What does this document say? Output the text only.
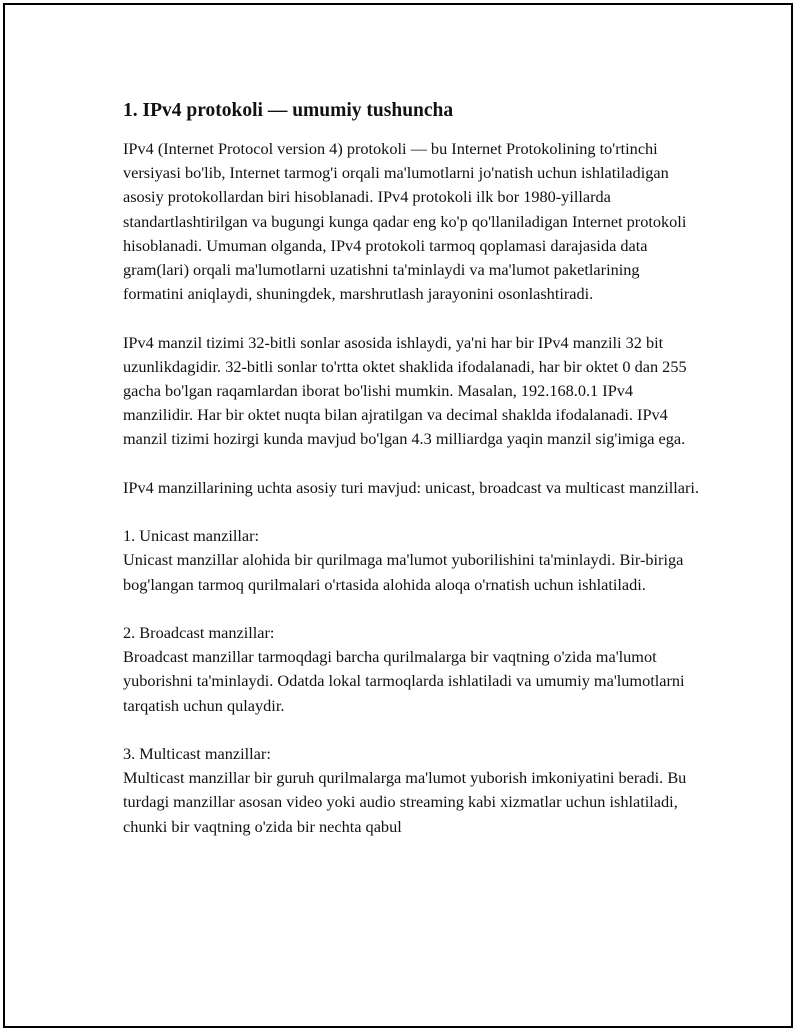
1. IPv4 protokoli — umumiy tushuncha

IPv4 (Internet Protocol version 4) protokoli — bu Internet Protokolining to'rtinchi versiyasi bo'lib, Internet tarmog'i orqali ma'lumotlarni jo'natish uchun ishlatiladigan asosiy protokollardan biri hisoblanadi. IPv4 protokoli ilk bor 1980-yillarda standartlashtirilgan va bugungi kunga qadar eng ko'p qo'llaniladigan Internet protokoli hisoblanadi. Umuman olganda, IPv4 protokoli tarmoq qoplamasi darajasida data gram(lari) orqali ma'lumotlarni uzatishni ta'minlaydi va ma'lumot paketlarining formatini aniqlaydi, shuningdek, marshrutlash jarayonini osonlashtiradi.

IPv4 manzil tizimi 32-bitli sonlar asosida ishlaydi, ya'ni har bir IPv4 manzili 32 bit uzunlikdagidir. 32-bitli sonlar to'rtta oktet shaklida ifodalanadi, har bir oktet 0 dan 255 gacha bo'lgan raqamlardan iborat bo'lishi mumkin. Masalan, 192.168.0.1 IPv4 manzilidir. Har bir oktet nuqta bilan ajratilgan va decimal shaklda ifodalanadi. IPv4 manzil tizimi hozirgi kunda mavjud bo'lgan 4.3 milliardga yaqin manzil sig'imiga ega.

IPv4 manzillarining uchta asosiy turi mavjud: unicast, broadcast va multicast manzillari.

1. Unicast manzillar:

Unicast manzillar alohida bir qurilmaga ma'lumot yuborilishini ta'minlaydi. Bir-biriga bog'langan tarmoq qurilmalari o'rtasida alohida aloqa o'rnatish uchun ishlatiladi.

2. Broadcast manzillar:

Broadcast manzillar tarmoqdagi barcha qurilmalarga bir vaqtning o'zida ma'lumot yuborishni ta'minlaydi. Odatda lokal tarmoqlarda ishlatiladi va umumiy ma'lumotlarni tarqatish uchun qulaydir.

3. Multicast manzillar:

Multicast manzillar bir guruh qurilmalarga ma'lumot yuborish imkoniyatini beradi. Bu turdagi manzillar asosan video yoki audio streaming kabi xizmatlar uchun ishlatiladi, chunki bir vaqtning o'zida bir nechta qabul
